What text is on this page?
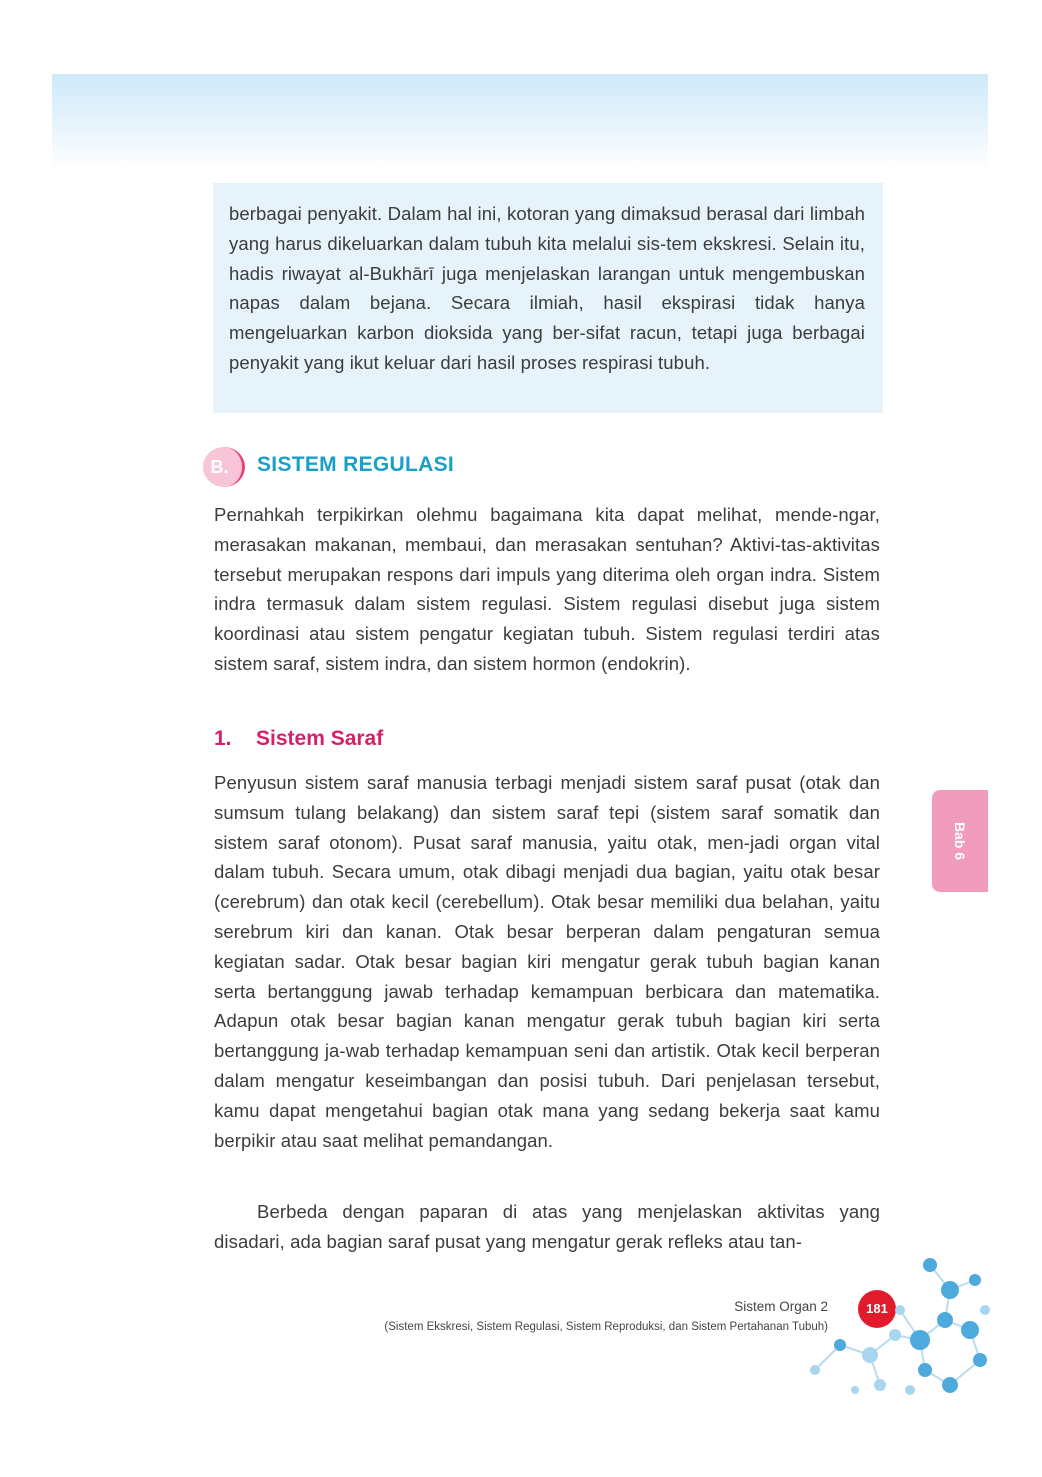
berbagai penyakit. Dalam hal ini, kotoran yang dimaksud berasal dari limbah yang harus dikeluarkan dalam tubuh kita melalui sis-tem ekskresi. Selain itu, hadis riwayat al-Bukhārī juga menjelaskan larangan untuk mengembuskan napas dalam bejana. Secara ilmiah, hasil ekspirasi tidak hanya mengeluarkan karbon dioksida yang ber-sifat racun, tetapi juga berbagai penyakit yang ikut keluar dari hasil proses respirasi tubuh.

B.	SISTEM REGULASI

Pernahkah terpikirkan olehmu bagaimana kita dapat melihat, mende-ngar, merasakan makanan, membaui, dan merasakan sentuhan? Aktivi-tas-aktivitas tersebut merupakan respons dari impuls yang diterima oleh organ indra. Sistem indra termasuk dalam sistem regulasi. Sistem regulasi disebut juga sistem koordinasi atau sistem pengatur kegiatan tubuh. Sistem regulasi terdiri atas sistem saraf, sistem indra, dan sistem hormon (endokrin).

1. Sistem Saraf

Penyusun sistem saraf manusia terbagi menjadi sistem saraf pusat (otak dan sumsum tulang belakang) dan sistem saraf tepi (sistem saraf somatik dan sistem saraf otonom). Pusat saraf manusia, yaitu otak, men-jadi organ vital dalam tubuh. Secara umum, otak dibagi menjadi dua bagian, yaitu otak besar (cerebrum) dan otak kecil (cerebellum). Otak besar memiliki dua belahan, yaitu serebrum kiri dan kanan. Otak besar berperan dalam pengaturan semua kegiatan sadar. Otak besar bagian kiri mengatur gerak tubuh bagian kanan serta bertanggung jawab terhadap kemampuan berbicara dan matematika. Adapun otak besar bagian kanan mengatur gerak tubuh bagian kiri serta bertanggung ja-wab terhadap kemampuan seni dan artistik. Otak kecil berperan dalam mengatur keseimbangan dan posisi tubuh. Dari penjelasan tersebut, kamu dapat mengetahui bagian otak mana yang sedang bekerja saat kamu berpikir atau saat melihat pemandangan.

Berbeda dengan paparan di atas yang menjelaskan aktivitas yang disadari, ada bagian saraf pusat yang mengatur gerak refleks atau tan-

Bab 6
Sistem Organ 2
(Sistem Ekskresi, Sistem Regulasi, Sistem Reproduksi, dan Sistem Pertahanan Tubuh)
181
